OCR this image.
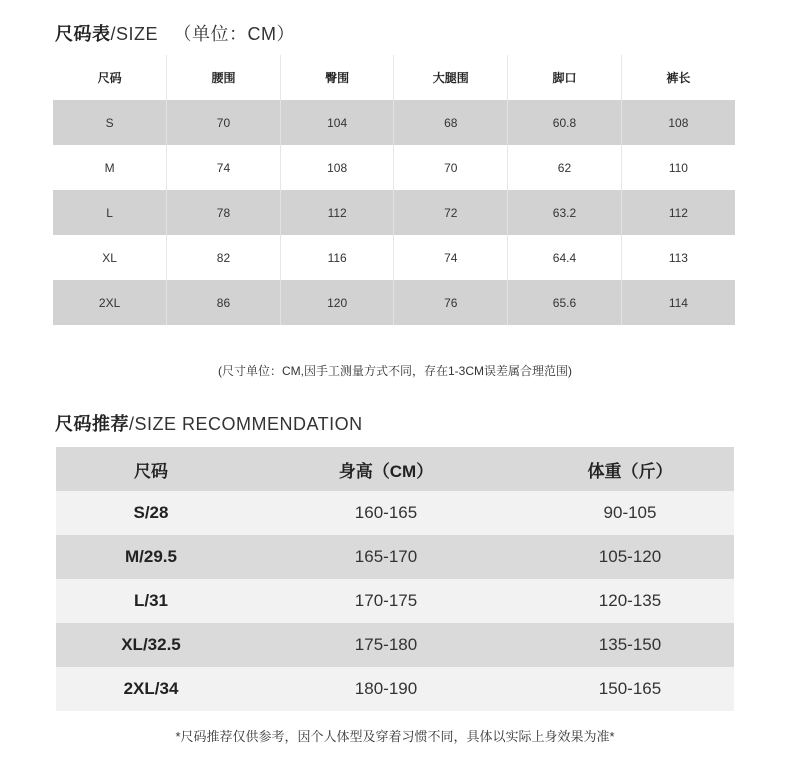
尺码表/SIZE （单位：CM）
尺码	腰围	臀围	大腿围	脚口	裤长
S	70	104	68	60.8	108
M	74	108	70	62	110
L	78	112	72	63.2	112
XL	82	116	74	64.4	113
2XL	86	120	76	65.6	114
(尺寸单位：CM,因手工测量方式不同，存在1-3CM误差属合理范围)
尺码推荐/SIZE RECOMMENDATION
尺码	身高（CM）	体重（斤）
S/28	160-165	90-105
M/29.5	165-170	105-120
L/31	170-175	120-135
XL/32.5	175-180	135-150
2XL/34	180-190	150-165
*尺码推荐仅供参考，因个人体型及穿着习惯不同，具体以实际上身效果为准*
